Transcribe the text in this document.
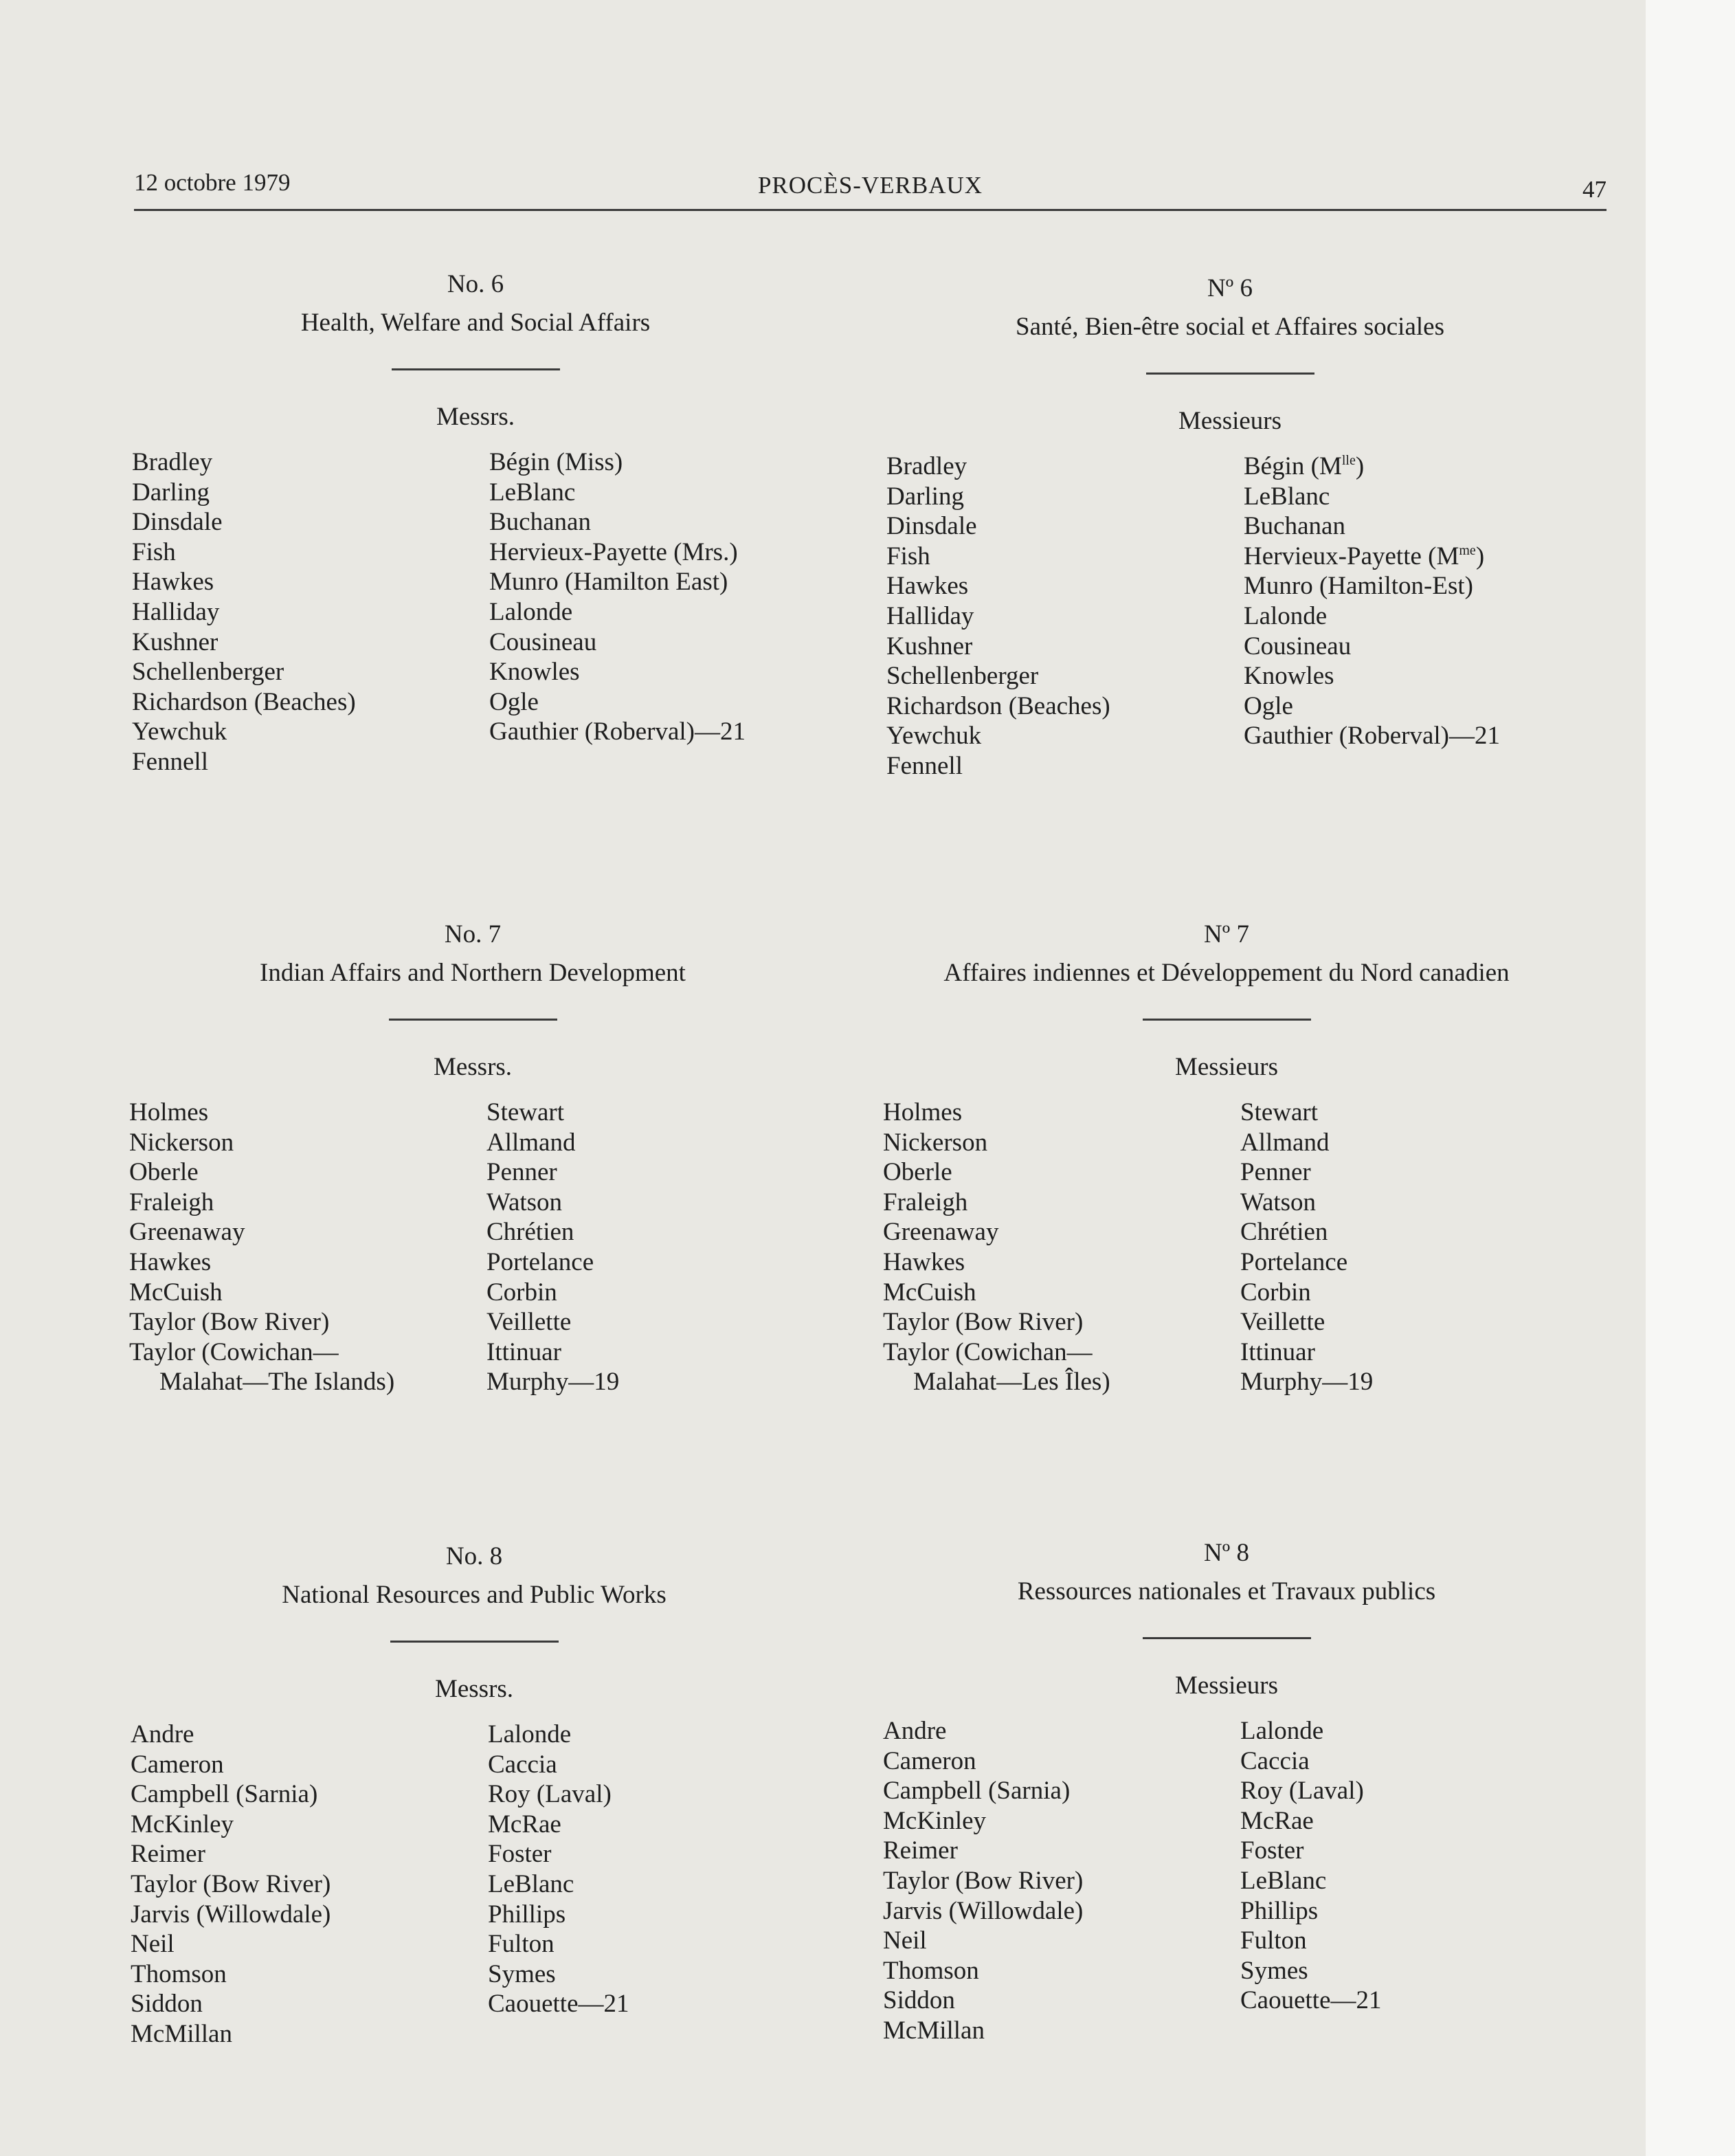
12 octobre 1979	PROCÈS-VERBAUX	47
No. 6
Health, Welfare and Social Affairs
Messrs.
Bradley
Darling
Dinsdale
Fish
Hawkes
Halliday
Kushner
Schellenberger
Richardson (Beaches)
Yewchuk
Fennell
Bégin (Miss)
LeBlanc
Buchanan
Hervieux-Payette (Mrs.)
Munro (Hamilton East)
Lalonde
Cousineau
Knowles
Ogle
Gauthier (Roberval)—21
Nº 6
Santé, Bien-être social et Affaires sociales
Messieurs
Bradley
Darling
Dinsdale
Fish
Hawkes
Halliday
Kushner
Schellenberger
Richardson (Beaches)
Yewchuk
Fennell
Bégin $(M^{lle})$
LeBlanc
Buchanan
Hervieux-Payette $(M^{me})$
Munro (Hamilton-Est)
Lalonde
Cousineau
Knowles
Ogle
Gauthier (Roberval)—21
No. 7
Indian Affairs and Northern Development
Messrs.
Holmes
Nickerson
Oberle
Fraleigh
Greenaway
Hawkes
McCuish
Taylor (Bow River)
Taylor (Cowichan—
Malahat—The Islands)
Stewart
Allmand
Penner
Watson
Chrétien
Portelance
Corbin
Veillette
Ittinuar
Murphy—19
Nº 7
Affaires indiennes et Développement du Nord canadien
Messieurs
Holmes
Nickerson
Oberle
Fraleigh
Greenaway
Hawkes
McCuish
Taylor (Bow River)
Taylor (Cowichan—
Malahat—Les Îles)
Stewart
Allmand
Penner
Watson
Chrétien
Portelance
Corbin
Veillette
Ittinuar
Murphy—19
No. 8
National Resources and Public Works
Messrs.
Andre
Cameron
Campbell (Sarnia)
McKinley
Reimer
Taylor (Bow River)
Jarvis (Willowdale)
Neil
Thomson
Siddon
McMillan
Lalonde
Caccia
Roy (Laval)
McRae
Foster
LeBlanc
Phillips
Fulton
Symes
Caouette—21
Nº 8
Ressources nationales et Travaux publics
Messieurs
Andre
Cameron
Campbell (Sarnia)
McKinley
Reimer
Taylor (Bow River)
Jarvis (Willowdale)
Neil
Thomson
Siddon
McMillan
Lalonde
Caccia
Roy (Laval)
McRae
Foster
LeBlanc
Phillips
Fulton
Symes
Caouette—21
